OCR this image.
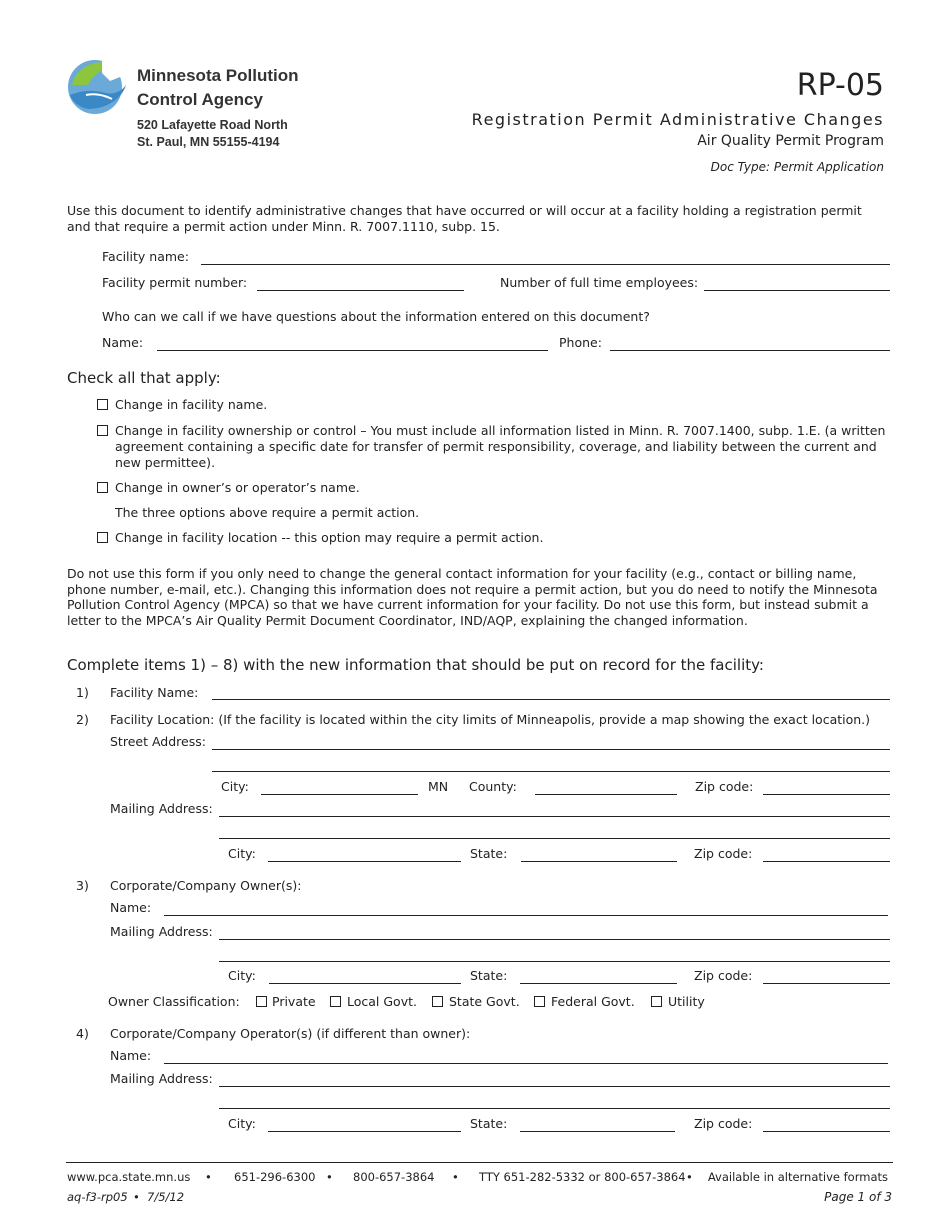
Minnesota Pollution
Control Agency
520 Lafayette Road North
St. Paul, MN 55155-4194
RP-05
Registration Permit Administrative Changes
Air Quality Permit Program
Doc Type: Permit Application
Use this document to identify administrative changes that have occurred or will occur at a facility holding a registration permit and that require a permit action under Minn. R. 7007.1110, subp. 15.
Facility name:
Facility permit number:	Number of full time employees:
Who can we call if we have questions about the information entered on this document?
Name:	Phone:
Check all that apply:
Change in facility name.
Change in facility ownership or control – You must include all information listed in Minn. R. 7007.1400, subp. 1.E. (a written
agreement containing a specific date for transfer of permit responsibility, coverage, and liability between the current and
new permittee).
Change in owner’s or operator’s name.
The three options above require a permit action.
Change in facility location -- this option may require a permit action.
Do not use this form if you only need to change the general contact information for your facility (e.g., contact or billing name,
phone number, e-mail, etc.). Changing this information does not require a permit action, but you do need to notify the Minnesota
Pollution Control Agency (MPCA) so that we have current information for your facility. Do not use this form, but instead submit a
letter to the MPCA’s Air Quality Permit Document Coordinator, IND/AQP, explaining the changed information.
Complete items 1) – 8) with the new information that should be put on record for the facility:
1) Facility Name:
2) Facility Location: (If the facility is located within the city limits of Minneapolis, provide a map showing the exact location.)
Street Address:
City:	MN County:	Zip code:
Mailing Address:
City:	State:	Zip code:
3) Corporate/Company Owner(s):
Name:
Mailing Address:
City:	State:	Zip code:
Owner Classification:	Private	Local Govt.	State Govt.	Federal Govt.	Utility
4) Corporate/Company Operator(s) (if different than owner):
Name:
Mailing Address:
City:	State:	Zip code:
www.pca.state.mn.us • 651-296-6300 • 800-657-3864 • TTY 651-282-5332 or 800-657-3864 • Available in alternative formats
aq-f3-rp05 • 7/5/12	Page 1 of 3
